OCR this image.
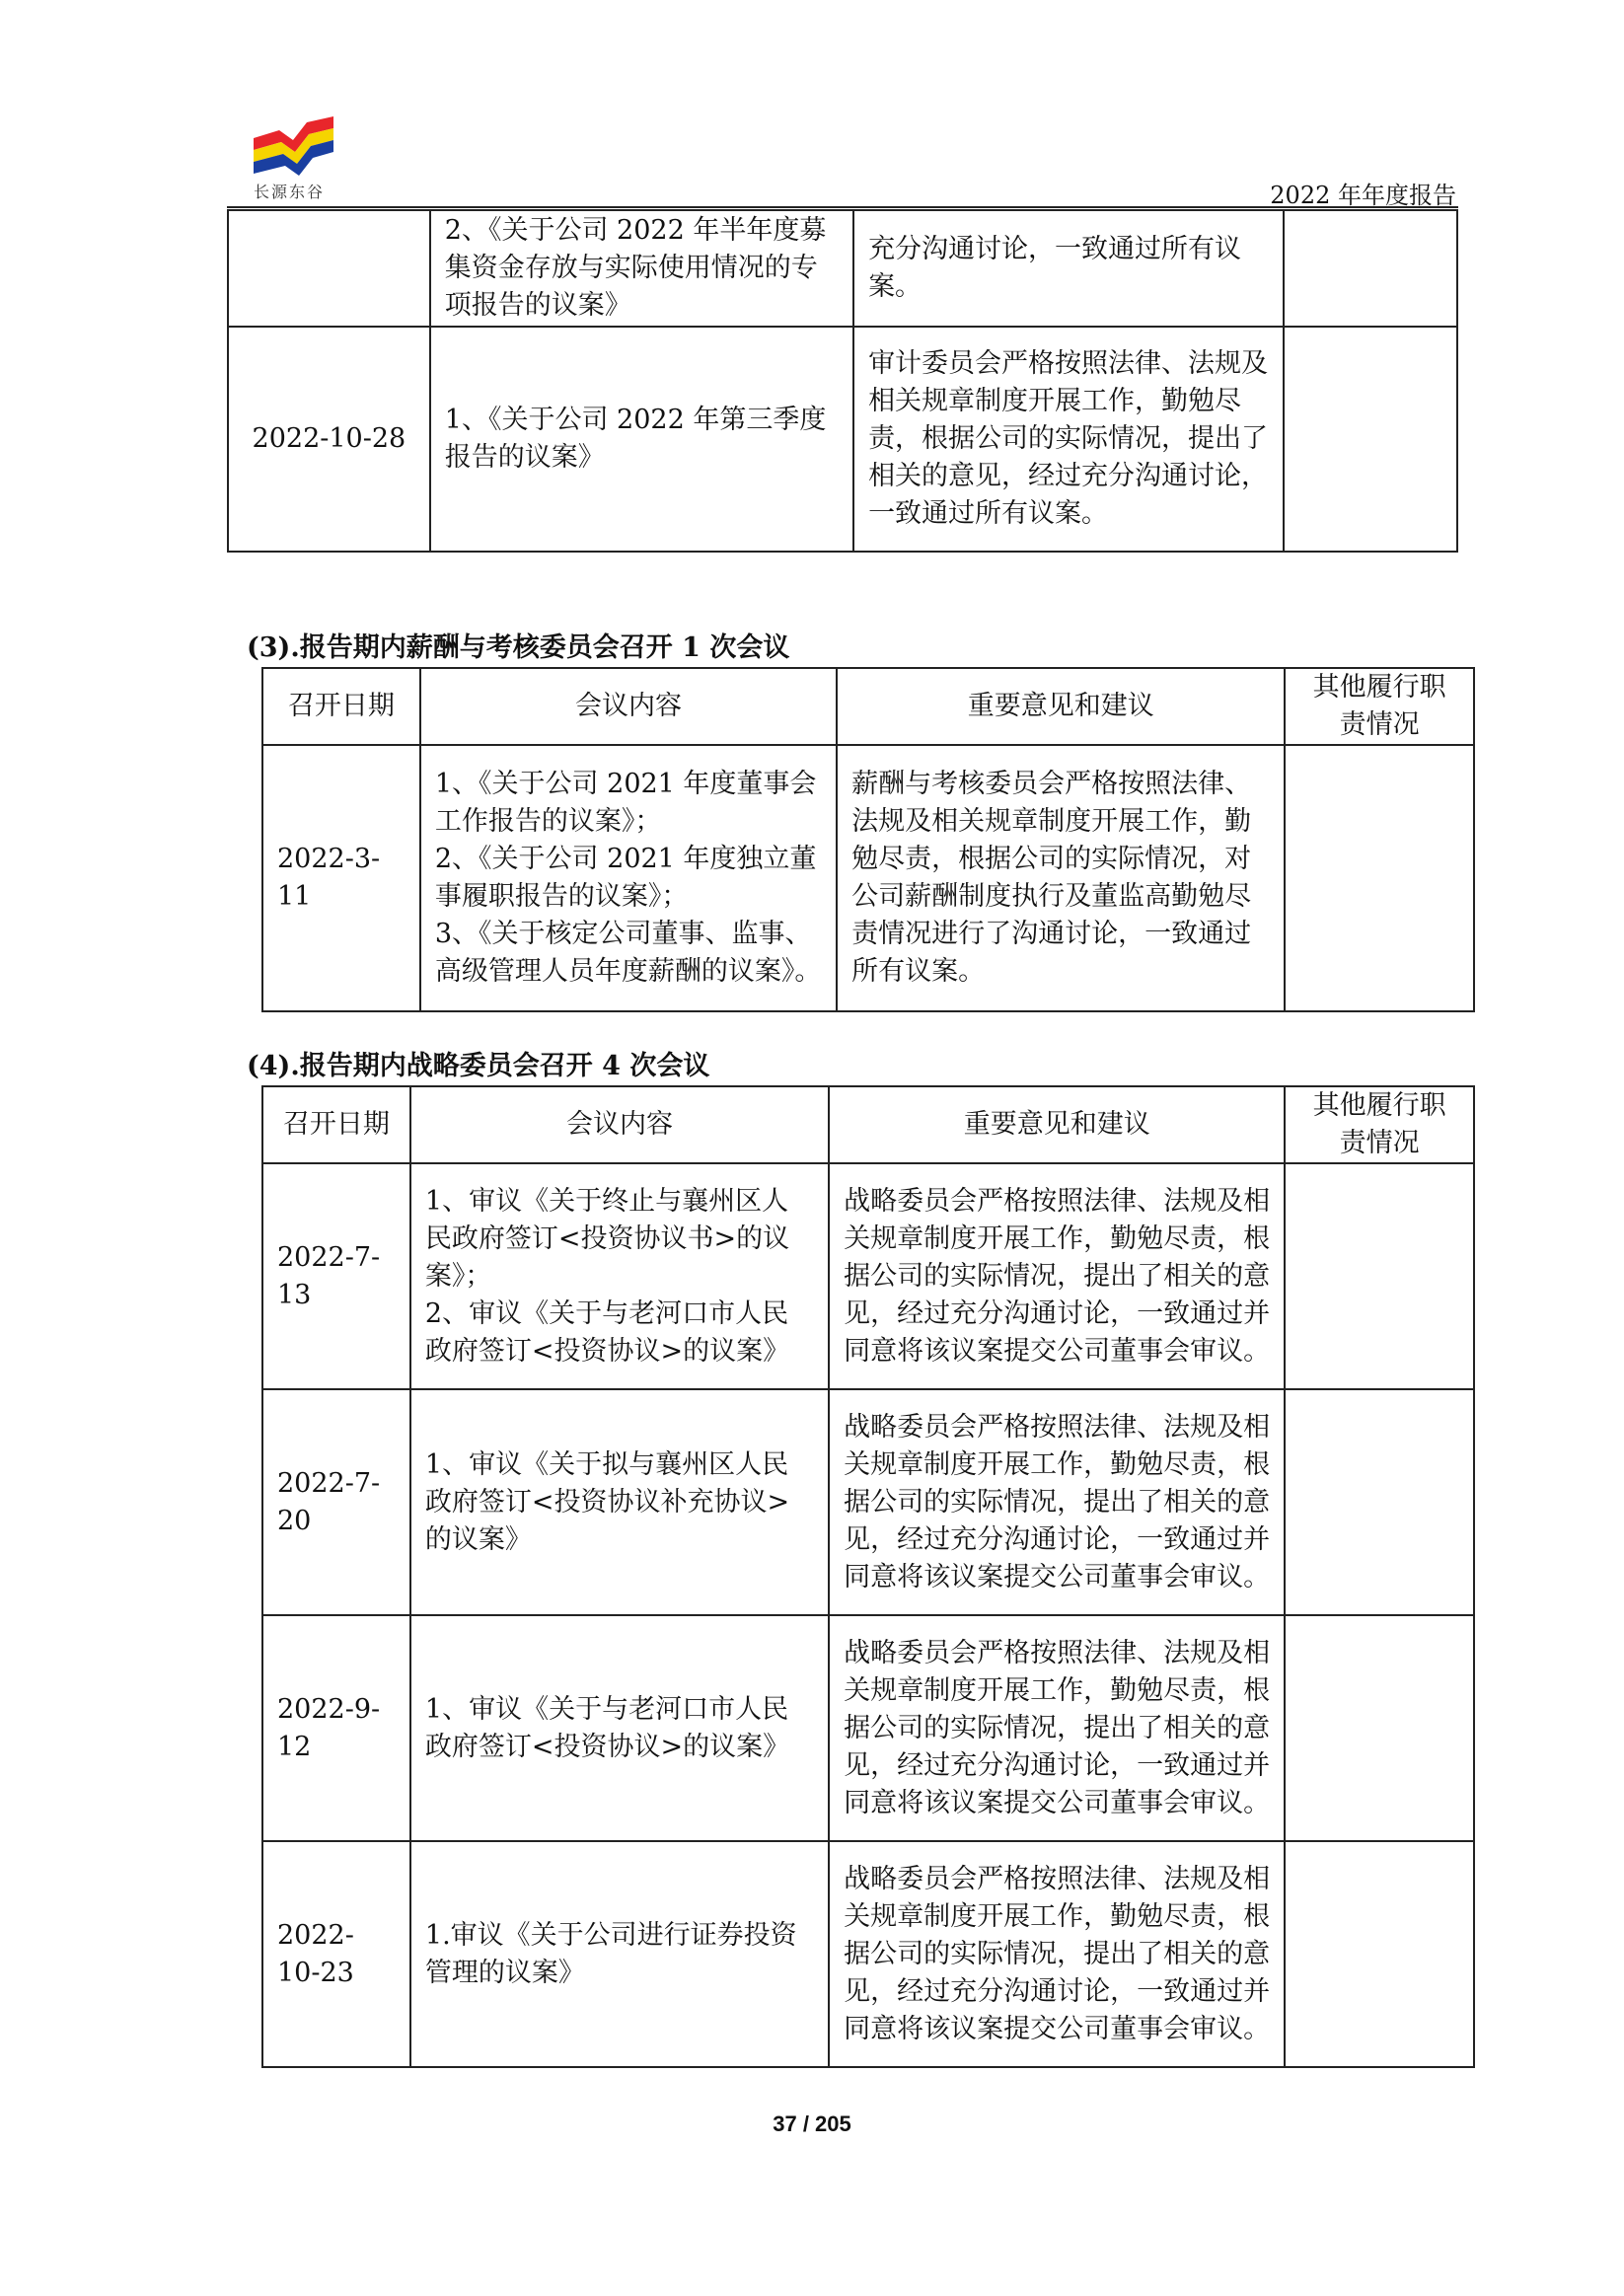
长源东谷	2022 年年度报告
	2、《关于公司 2022 年半年度募集资金存放与实际使用情况的专项报告的议案》	充分沟通讨论，一致通过所有议案。	
2022-10-28	1、《关于公司 2022 年第三季度报告的议案》	审计委员会严格按照法律、法规及相关规章制度开展工作，勤勉尽责，根据公司的实际情况，提出了相关的意见，经过充分沟通讨论，一致通过所有议案。	
(3).报告期内薪酬与考核委员会召开 1 次会议
召开日期	会议内容	重要意见和建议	其他履行职责情况
2022-3-11	1、《关于公司 2021 年度董事会工作报告的议案》；
2、《关于公司 2021 年度独立董事履职报告的议案》；
3、《关于核定公司董事、监事、高级管理人员年度薪酬的议案》。	薪酬与考核委员会严格按照法律、法规及相关规章制度开展工作，勤勉尽责，根据公司的实际情况，对公司薪酬制度执行及董监高勤勉尽责情况进行了沟通讨论，一致通过所有议案。	
(4).报告期内战略委员会召开 4 次会议
召开日期	会议内容	重要意见和建议	其他履行职责情况
2022-7-13	1、审议《关于终止与襄州区人民政府签订<投资协议书>的议案》；
2、审议《关于与老河口市人民政府签订<投资协议>的议案》	战略委员会严格按照法律、法规及相关规章制度开展工作，勤勉尽责，根据公司的实际情况，提出了相关的意见，经过充分沟通讨论，一致通过并同意将该议案提交公司董事会审议。	
2022-7-20	1、审议《关于拟与襄州区人民政府签订<投资协议补充协议>的议案》	战略委员会严格按照法律、法规及相关规章制度开展工作，勤勉尽责，根据公司的实际情况，提出了相关的意见，经过充分沟通讨论，一致通过并同意将该议案提交公司董事会审议。	
2022-9-12	1、审议《关于与老河口市人民政府签订<投资协议>的议案》	战略委员会严格按照法律、法规及相关规章制度开展工作，勤勉尽责，根据公司的实际情况，提出了相关的意见，经过充分沟通讨论，一致通过并同意将该议案提交公司董事会审议。	
2022-10-23	1.审议《关于公司进行证券投资管理的议案》	战略委员会严格按照法律、法规及相关规章制度开展工作，勤勉尽责，根据公司的实际情况，提出了相关的意见，经过充分沟通讨论，一致通过并同意将该议案提交公司董事会审议。	
37 / 205
